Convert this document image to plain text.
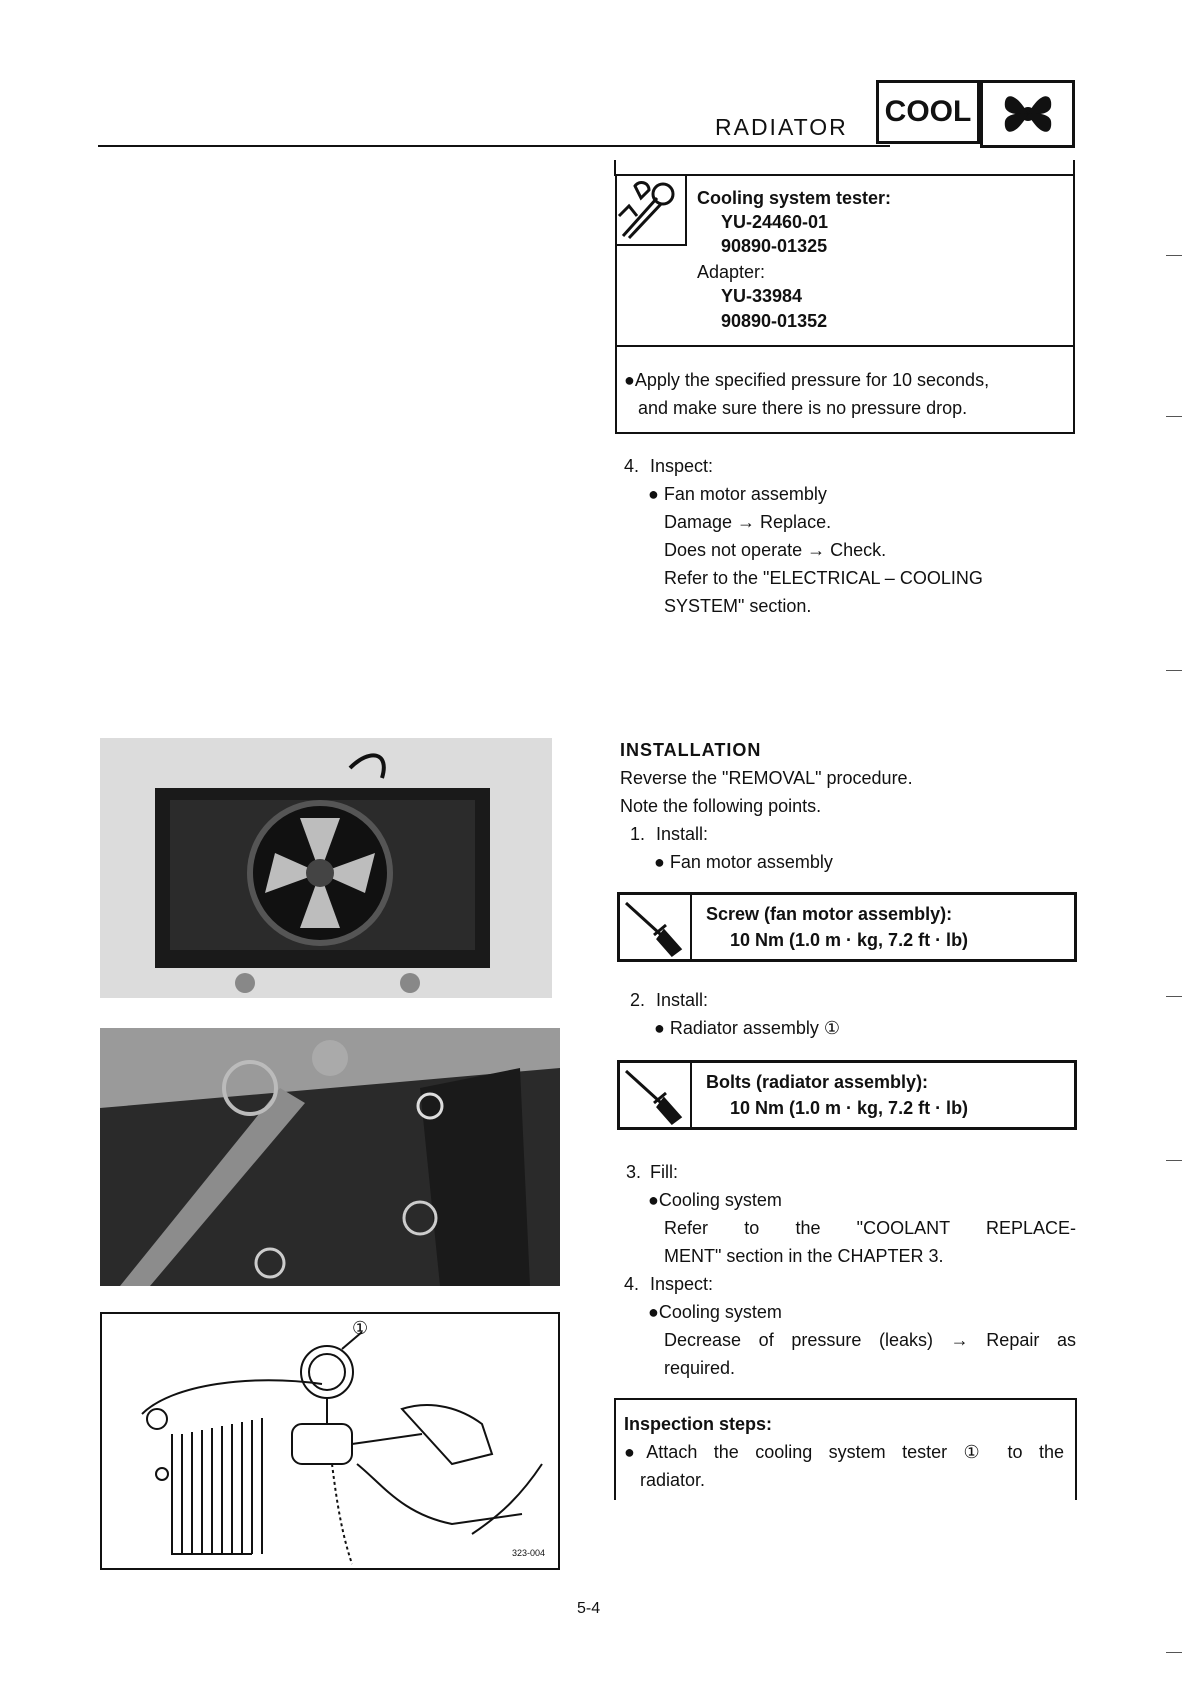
RADIATOR COOL
Cooling system tester:
YU-24460-01
90890-01325
Adapter:
YU-33984
90890-01352
●Apply the specified pressure for 10 seconds,
and make sure there is no pressure drop.
4. Inspect:
● Fan motor assembly
Damage → Replace.
Does not operate → Check.
Refer to the "ELECTRICAL – COOLING
SYSTEM" section.
INSTALLATION
Reverse the "REMOVAL" procedure.
Note the following points.
1. Install:
● Fan motor assembly
Screw (fan motor assembly):
10 Nm (1.0 m · kg, 7.2 ft · lb)
2. Install:
● Radiator assembly ①
Bolts (radiator assembly):
10 Nm (1.0 m · kg, 7.2 ft · lb)
3. Fill:
●Cooling system
Refer to the "COOLANT REPLACE-
MENT" section in the CHAPTER 3.
4. Inspect:
●Cooling system
Decrease of pressure (leaks) → Repair as
required.
Inspection steps:
●Attach the cooling system tester ① to the
radiator.
①
323-004
5-4
